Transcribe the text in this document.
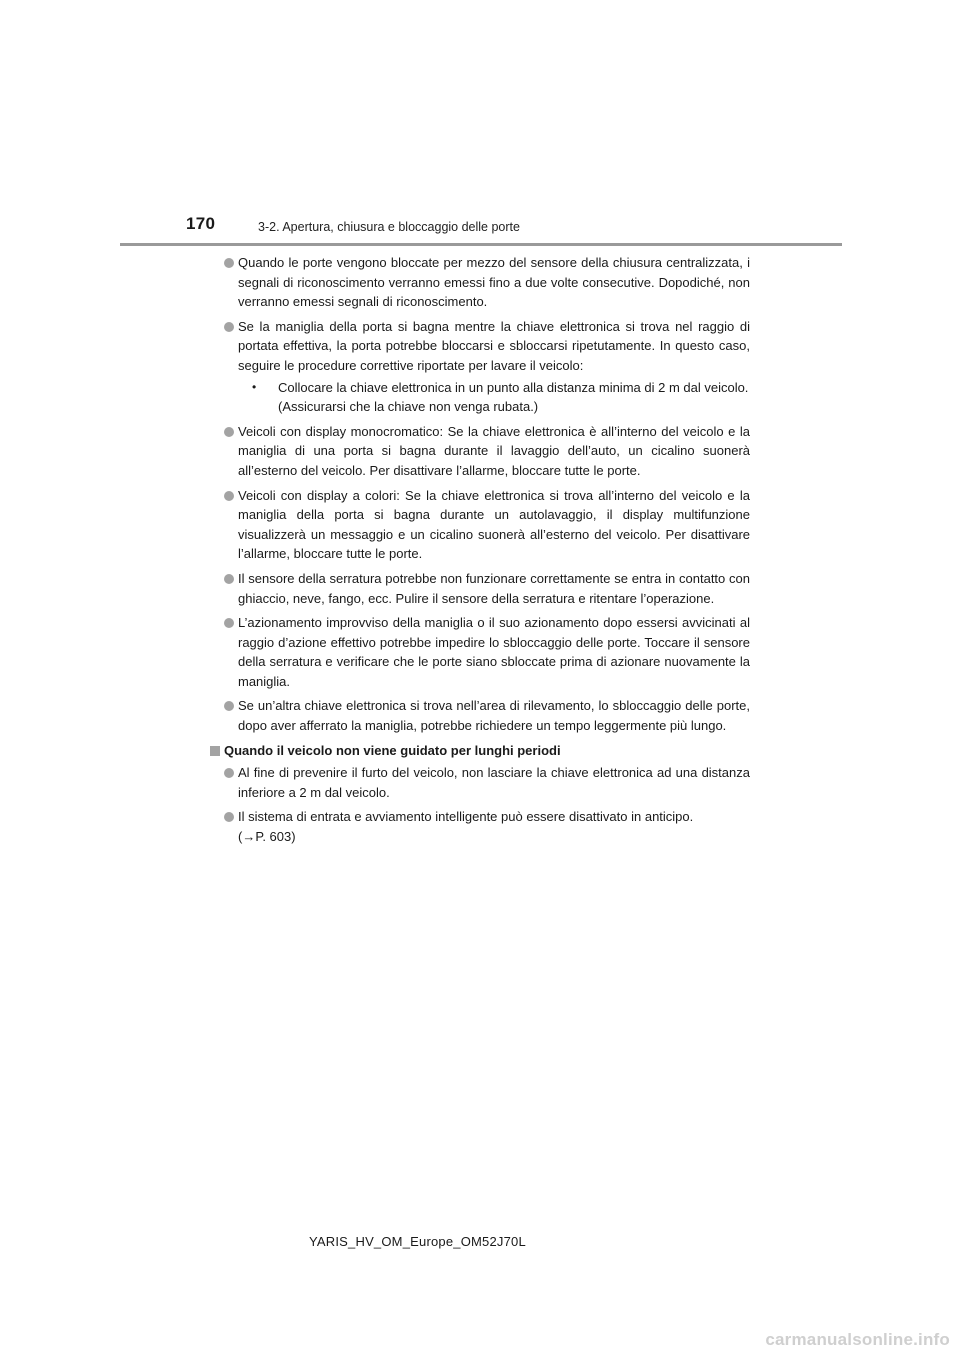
170	3-2. Apertura, chiusura e bloccaggio delle porte
Quando le porte vengono bloccate per mezzo del sensore della chiusura centralizzata, i segnali di riconoscimento verranno emessi fino a due volte consecutive. Dopodiché, non verranno emessi segnali di riconoscimento.
Se la maniglia della porta si bagna mentre la chiave elettronica si trova nel raggio di portata effettiva, la porta potrebbe bloccarsi e sbloccarsi ripetutamente. In questo caso, seguire le procedure correttive riportate per lavare il veicolo:
• Collocare la chiave elettronica in un punto alla distanza minima di 2 m dal veicolo.
(Assicurarsi che la chiave non venga rubata.)
Veicoli con display monocromatico: Se la chiave elettronica è all’interno del veicolo e la maniglia di una porta si bagna durante il lavaggio dell’auto, un cicalino suonerà all’esterno del veicolo. Per disattivare l’allarme, bloccare tutte le porte.
Veicoli con display a colori: Se la chiave elettronica si trova all’interno del veicolo e la maniglia della porta si bagna durante un autolavaggio, il display multifunzione visualizzerà un messaggio e un cicalino suonerà all’esterno del veicolo. Per disattivare l’allarme, bloccare tutte le porte.
Il sensore della serratura potrebbe non funzionare correttamente se entra in contatto con ghiaccio, neve, fango, ecc. Pulire il sensore della serratura e ritentare l’operazione.
L’azionamento improvviso della maniglia o il suo azionamento dopo essersi avvicinati al raggio d’azione effettivo potrebbe impedire lo sbloccaggio delle porte. Toccare il sensore della serratura e verificare che le porte siano sbloccate prima di azionare nuovamente la maniglia.
Se un’altra chiave elettronica si trova nell’area di rilevamento, lo sbloccaggio delle porte, dopo aver afferrato la maniglia, potrebbe richiedere un tempo leggermente più lungo.
Quando il veicolo non viene guidato per lunghi periodi
Al fine di prevenire il furto del veicolo, non lasciare la chiave elettronica ad una distanza inferiore a 2 m dal veicolo.
Il sistema di entrata e avviamento intelligente può essere disattivato in anticipo.
(→P. 603)
YARIS_HV_OM_Europe_OM52J70L
carmanualsonline.info
